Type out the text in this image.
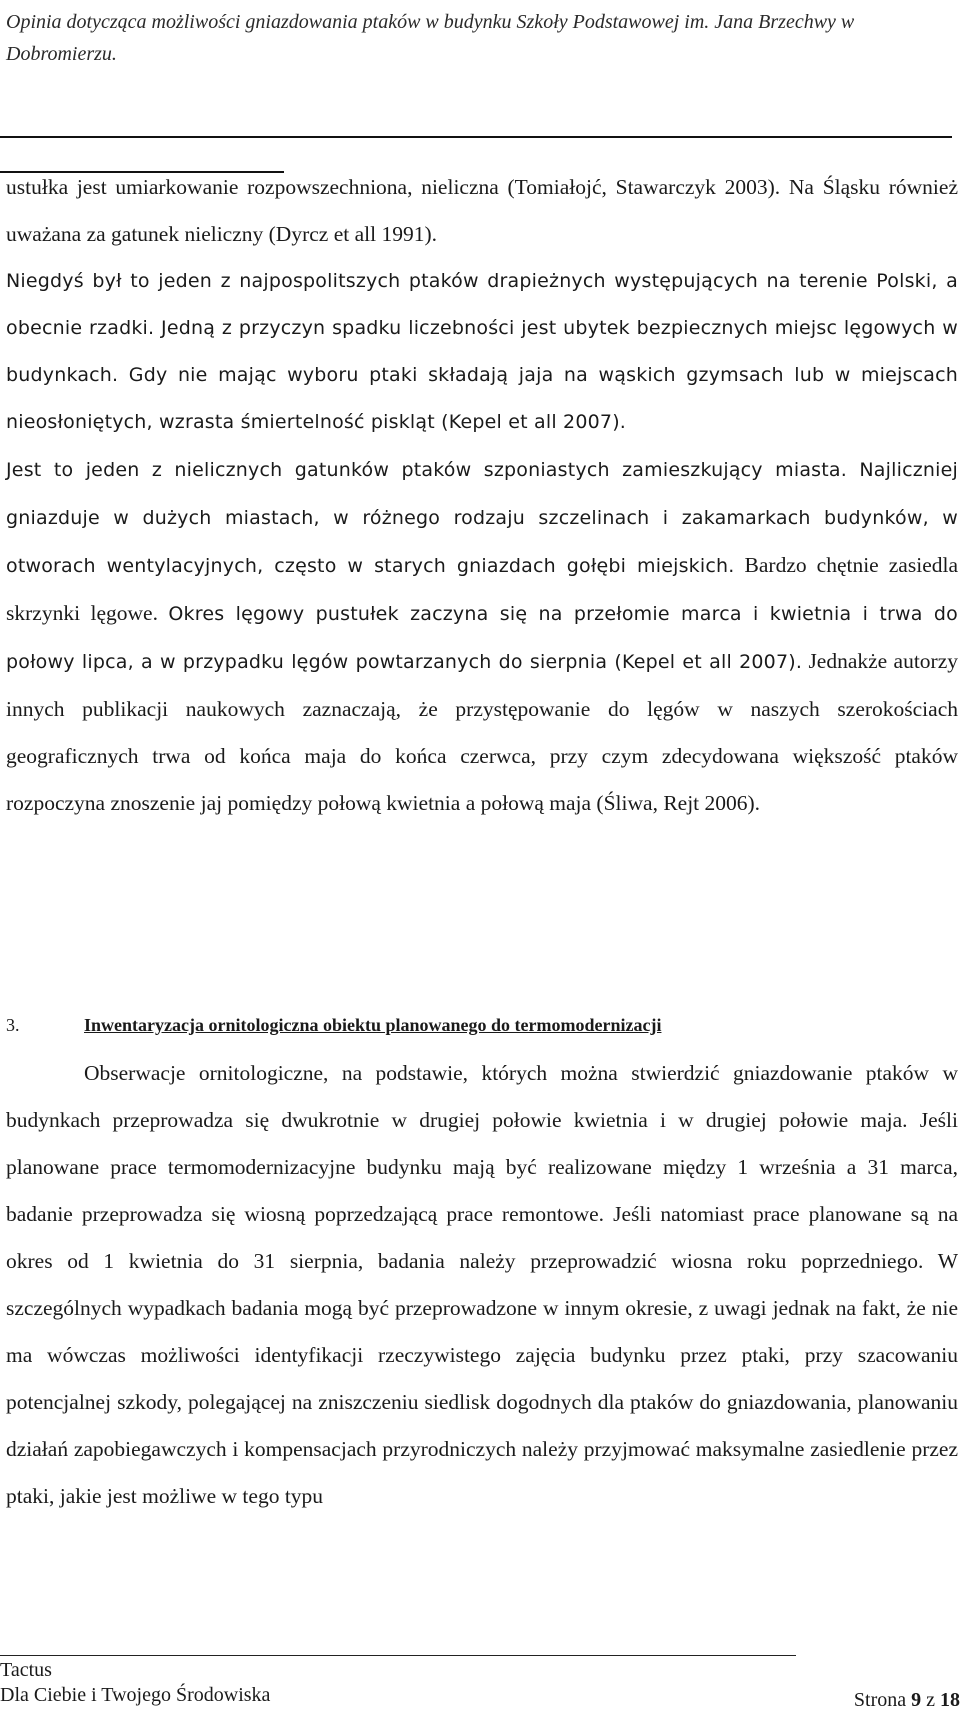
Opinia dotycząca możliwości gniazdowania ptaków w budynku Szkoły Podstawowej im. Jana Brzechwy w Dobromierzu.

ustułka jest umiarkowanie rozpowszechniona, nieliczna (Tomiałojć, Stawarczyk 2003). Na Śląsku również uważana za gatunek nieliczny (Dyrcz et all 1991).

Niegdyś był to jeden z najpospolitszych ptaków drapieżnych występujących na terenie Polski, a obecnie rzadki. Jedną z przyczyn spadku liczebności jest ubytek bezpiecznych miejsc lęgowych w budynkach. Gdy nie mając wyboru ptaki składają jaja na wąskich gzymsach lub w miejscach nieosłoniętych, wzrasta śmiertelność piskląt (Kepel et all 2007).

Jest to jeden z nielicznych gatunków ptaków szponiastych zamieszkujący miasta. Najliczniej gniazduje w dużych miastach, w różnego rodzaju szczelinach i zakamarkach budynków, w otworach wentylacyjnych, często w starych gniazdach gołębi miejskich. Bardzo chętnie zasiedla skrzynki lęgowe. Okres lęgowy pustułek zaczyna się na przełomie marca i kwietnia i trwa do połowy lipca, a w przypadku lęgów powtarzanych do sierpnia (Kepel et all 2007). Jednakże autorzy innych publikacji naukowych zaznaczają, że przystępowanie do lęgów w naszych szerokościach geograficznych trwa od końca maja do końca czerwca, przy czym zdecydowana większość ptaków rozpoczyna znoszenie jaj pomiędzy połową kwietnia a połową maja (Śliwa, Rejt 2006).

3.	Inwentaryzacja ornitologiczna obiektu planowanego do termomodernizacji

Obserwacje ornitologiczne, na podstawie, których można stwierdzić gniazdowanie ptaków w budynkach przeprowadza się dwukrotnie w drugiej połowie kwietnia i w drugiej połowie maja. Jeśli planowane prace termomodernizacyjne budynku mają być realizowane między 1 września a 31 marca, badanie przeprowadza się wiosną poprzedzającą prace remontowe. Jeśli natomiast prace planowane są na okres od 1 kwietnia do 31 sierpnia, badania należy przeprowadzić wiosna roku poprzedniego. W szczególnych wypadkach badania mogą być przeprowadzone w innym okresie, z uwagi jednak na fakt, że nie ma wówczas możliwości identyfikacji rzeczywistego zajęcia budynku przez ptaki, przy szacowaniu potencjalnej szkody, polegającej na zniszczeniu siedlisk dogodnych dla ptaków do gniazdowania, planowaniu działań zapobiegawczych i kompensacjach przyrodniczych należy przyjmować maksymalne zasiedlenie przez ptaki, jakie jest możliwe w tego typu

Tactus
Dla Ciebie i Twojego Środowiska	Strona 9 z 18
